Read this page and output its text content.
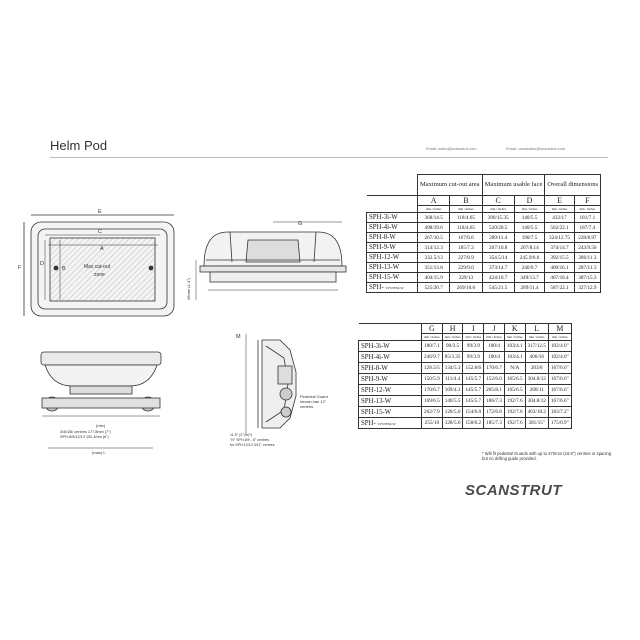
Helm Pod	Email: sales@scanstrut.com	Email: oseasales@scanstrut.com
E
C
A
F
D
B	Max cut-out
zone
G
36mm (1.4")
M
11.5" (2") h(?)
"N" SPH-8/9 - 6" centres
for SPH-12/13 3/11" centres
Pedestal Guard
shown has 12"
centres
(min)
3/4i/15i/ centres 177.8mm (7")
SPH-8/9/12/13 152.4mm (6")
(max) L
	Maximum cut-out area		Maximum usable face		Overall dimensions	
	A	B	C	D	E	F
	mm / inches	mm / inches	mm / inches	mm / inches	mm / inches	mm / inches
SPH-3i-W	368/14.5	118/4.65	390/15.35	140/5.5	432/17	181/7.1
SPH-4i-W	498/19.6	118/4.65	520/20.5	140/5.5	562/22.1	187/7.4
SPH-8-W	267/10.5	167/6.6	289/11.4	190/7.5	324/12.75	228/8.97
SPH-9-W	314/12.3	185/7.3	207/10.8	207/8.14	374/14.7	243/9.56
SPH-12-W	332.5/13	227/8.9	354.5/14	245.9/6.6	392/15.5	286/11.3
SPH-13-W	351/13.8	229/9.0	373/14.7	246/9.7	409/16.1	287/11.3
SPH-15-W	404/15.9	329/13	424/16.7	349/13.7	467/18.4	387/15.3
SPH- SYSTEM-W	525/20.7	269/10.6	545/21.5	289/11.4	587/22.1	327/12.9
	G	H	I	J	K	L	M
	mm / inches	mm / inches	mm / inches	mm / inches	mm / inches	mm / inches	mm / inches
SPH-3i-W	180/7.1	90/3.5	99/3.9	100/4	103/4.1	317/12.5	102/4.0"
SPH-4i-W	246/9.7	85/3.35	99/3.9	100/4	103/4.1	406/16	102/4.0"
SPH-8-W	128.5/5	134/5.3	152.8/6	170/6.7	N/A	203/8	167/6.6"
SPH-9-W	150/5.9	111/4.4	145/5.7	152/6.0	165/6.5	304.8/12	167/6.6"
SPH-12-W	170/6.7	109/4.3	145/5.7	205/8.1	165/6.5	280/11	167/6.6"
SPH-13-W	169/6.5	140/5.5	145/5.7	186/7.3	192/7.6	304.8/12	167/6.6"
SPH-15-W	202/7.9	128/5.0	154/6.0	172/6.8	192/7.6	463/18.2	183/7.2"
SPH- SYSTEM-W	255/10	128/5.0	158/6.2	185/7.3	192/7.6	381/15"	175/6.9"
* Will fit pedestal Guards with up to 470mm (18.5") centres or spacing but no drilling guide provided.
SCANSTRUT
